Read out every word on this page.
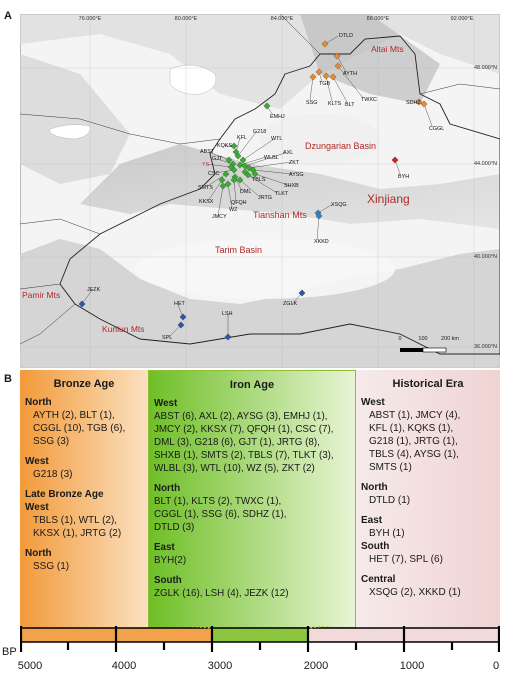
A	76.000°E	80.000°E	84.000°E	88.000°E	92.000°E
48.000°N
44.000°N
40.000°N
36.000°N
Altai Mts
Dzungarian Basin
Xinjiang
Tianshan Mts
Tarim Basin
Pamir Mts
Kunlun Mts
DTLD
AYTH
TGB
SSG KLTS BLT
TWXC	SDHZ
CGGL
EMHJ
BYH
KQKS
KFL
G218
WTL
ABST
GJT
YS
CSC
WLBL
AXL
ZKT
AYSG
SHXB
TBLS
TLKT
SMTS
KKSX
DML
JRTG
QFQH
WZ
JMCY
XSQG
XKKD
JEZK
HET
SPL
LSH
ZGLK
0	100 200 km
B	Bronze Age
North
AYTH (2), BLT (1),
CGGL (10), TGB (6),
SSG (3)
West
G218 (3)
Late Bronze Age
West
TBLS (1), WTL (2),
KKSX (1), JRTG (2)
North
SSG (1)
Iron Age
West
ABST (6), AXL (2), AYSG (3), EMHJ (1),
JMCY (2), KKSX (7), QFQH (1), CSC (7),
DML (3), G218 (6), GJT (1), JRTG (8),
SHXB (1), SMTS (2), TBLS (7), TLKT (3),
WLBL (3), WTL (10), WZ (5), ZKT (2)
North
BLT (1), KLTS (2), TWXC (1),
CGGL (1), SSG (6), SDHZ (1),
DTLD (3)
East
BYH(2)
South
ZGLK (16), LSH (4), JEZK (12)
Historical Era
West
ABST (1), JMCY (4),
KFL (1), KQKS (1),
G218 (1), JRTG (1),
TBLS (4), AYSG (1),
SMTS (1)
North
DTLD (1)
East
BYH (1)
South
HET (7), SPL (6)
Central
XSQG (2), XKKD (1)
BP
5000	4000	3000	2000	1000	0
